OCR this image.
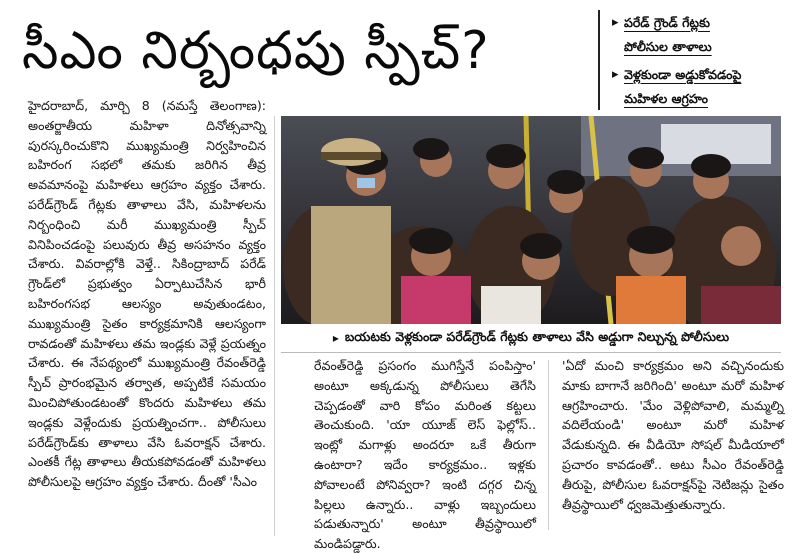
సీఎం నిర్బంధపు స్పీచ్?	▸ పరేడ్ గ్రౌండ్ గేట్లకు
పోలీసుల తాళాలు
▸ వెళ్లకుండా అడ్డుకోవడంపై
మహిళల ఆగ్రహం

హైదరాబాద్, మార్చి 8 (నమస్తే తెలంగాణ): అంతర్జాతీయ మహిళా దినోత్సవాన్ని పురస్కరించుకొని ముఖ్యమంత్రి నిర్వహించిన బహిరంగ సభలో తమకు జరిగిన తీవ్ర అవమానంపై మహిళలు ఆగ్రహం వ్యక్తం చేశారు. పరేడ్‌గ్రౌండ్ గేట్లకు తాళాలు వేసి, మహిళలను నిర్బంధించి మరీ ముఖ్యమంత్రి స్పీచ్ వినిపించడంపై పలువురు తీవ్ర అసహనం వ్యక్తం చేశారు. వివరాల్లోకి వెళ్తే.. సికింద్రాబాద్ పరేడ్ గ్రౌండ్‌లో ప్రభుత్వం ఏర్పాటుచేసిన భారీ బహిరంగసభ ఆలస్యం అవుతుండటం, ముఖ్యమంత్రి సైతం కార్యక్రమానికి ఆలస్యంగా రావడంతో మహిళలు తమ ఇండ్లకు వెళ్లే ప్రయత్నం చేశారు. ఈ నేపథ్యంలో ముఖ్యమంత్రి రేవంత్‌రెడ్డి స్పీచ్ ప్రారంభమైన తర్వాత, అప్పటికే సమయం మించిపోతుండటంతో కొందరు మహిళలు తమ ఇండ్లకు వెళ్లేందుకు ప్రయత్నించగా.. పోలీసులు పరేడ్‌గ్రౌండ్‌కు తాళాలు వేసి ఓవరాక్షన్ చేశారు. ఎంతకీ గేట్ల తాళాలు తీయకపోవడంతో మహిళలు పోలీసులపై ఆగ్రహం వ్యక్తం చేశారు. దీంతో 'సీఎం

▸ బయటకు వెళ్లకుండా పరేడ్‌గ్రౌండ్ గేట్లకు తాళాలు వేసి అడ్డుగా నిల్చున్న పోలీసులు

రేవంత్‌రెడ్డి ప్రసంగం ముగిస్తేనే పంపిస్తాం' అంటూ అక్కడున్న పోలీసులు తెగేసి చెప్పడంతో వారి కోపం మరింత కట్టలు తెంచుకుంది. 'యా యూజ్ లెస్ ఫెల్లోస్.. ఇంట్లో మగాళ్లు అందరూ ఒకే తీరుగా ఉంటారా? ఇదేం కార్యక్రమం.. ఇళ్లకు పోవాలంటే పోనివ్వరా? ఇంటి దగ్గర చిన్న పిల్లలు ఉన్నారు.. వాళ్లు ఇబ్బందులు పడుతున్నారు' అంటూ తీవ్రస్థాయిలో మండిపడ్డారు.

'ఏదో మంచి కార్యక్రమం అని వచ్చినందుకు మాకు బాగానే జరిగింది' అంటూ మరో మహిళ ఆగ్రహించారు. 'మేం వెళ్లిపోవాలి, మమ్మల్ని వదిలేయండి' అంటూ మరో మహిళ వేడుకున్నది. ఈ వీడియో సోషల్ మీడియాలో ప్రచారం కావడంతో.. అటు సీఎం రేవంత్‌రెడ్డి తీరుపై, పోలీసుల ఓవరాక్షన్‌పై నెటిజన్లు సైతం తీవ్రస్థాయిలో ధ్వజమెత్తుతున్నారు.
